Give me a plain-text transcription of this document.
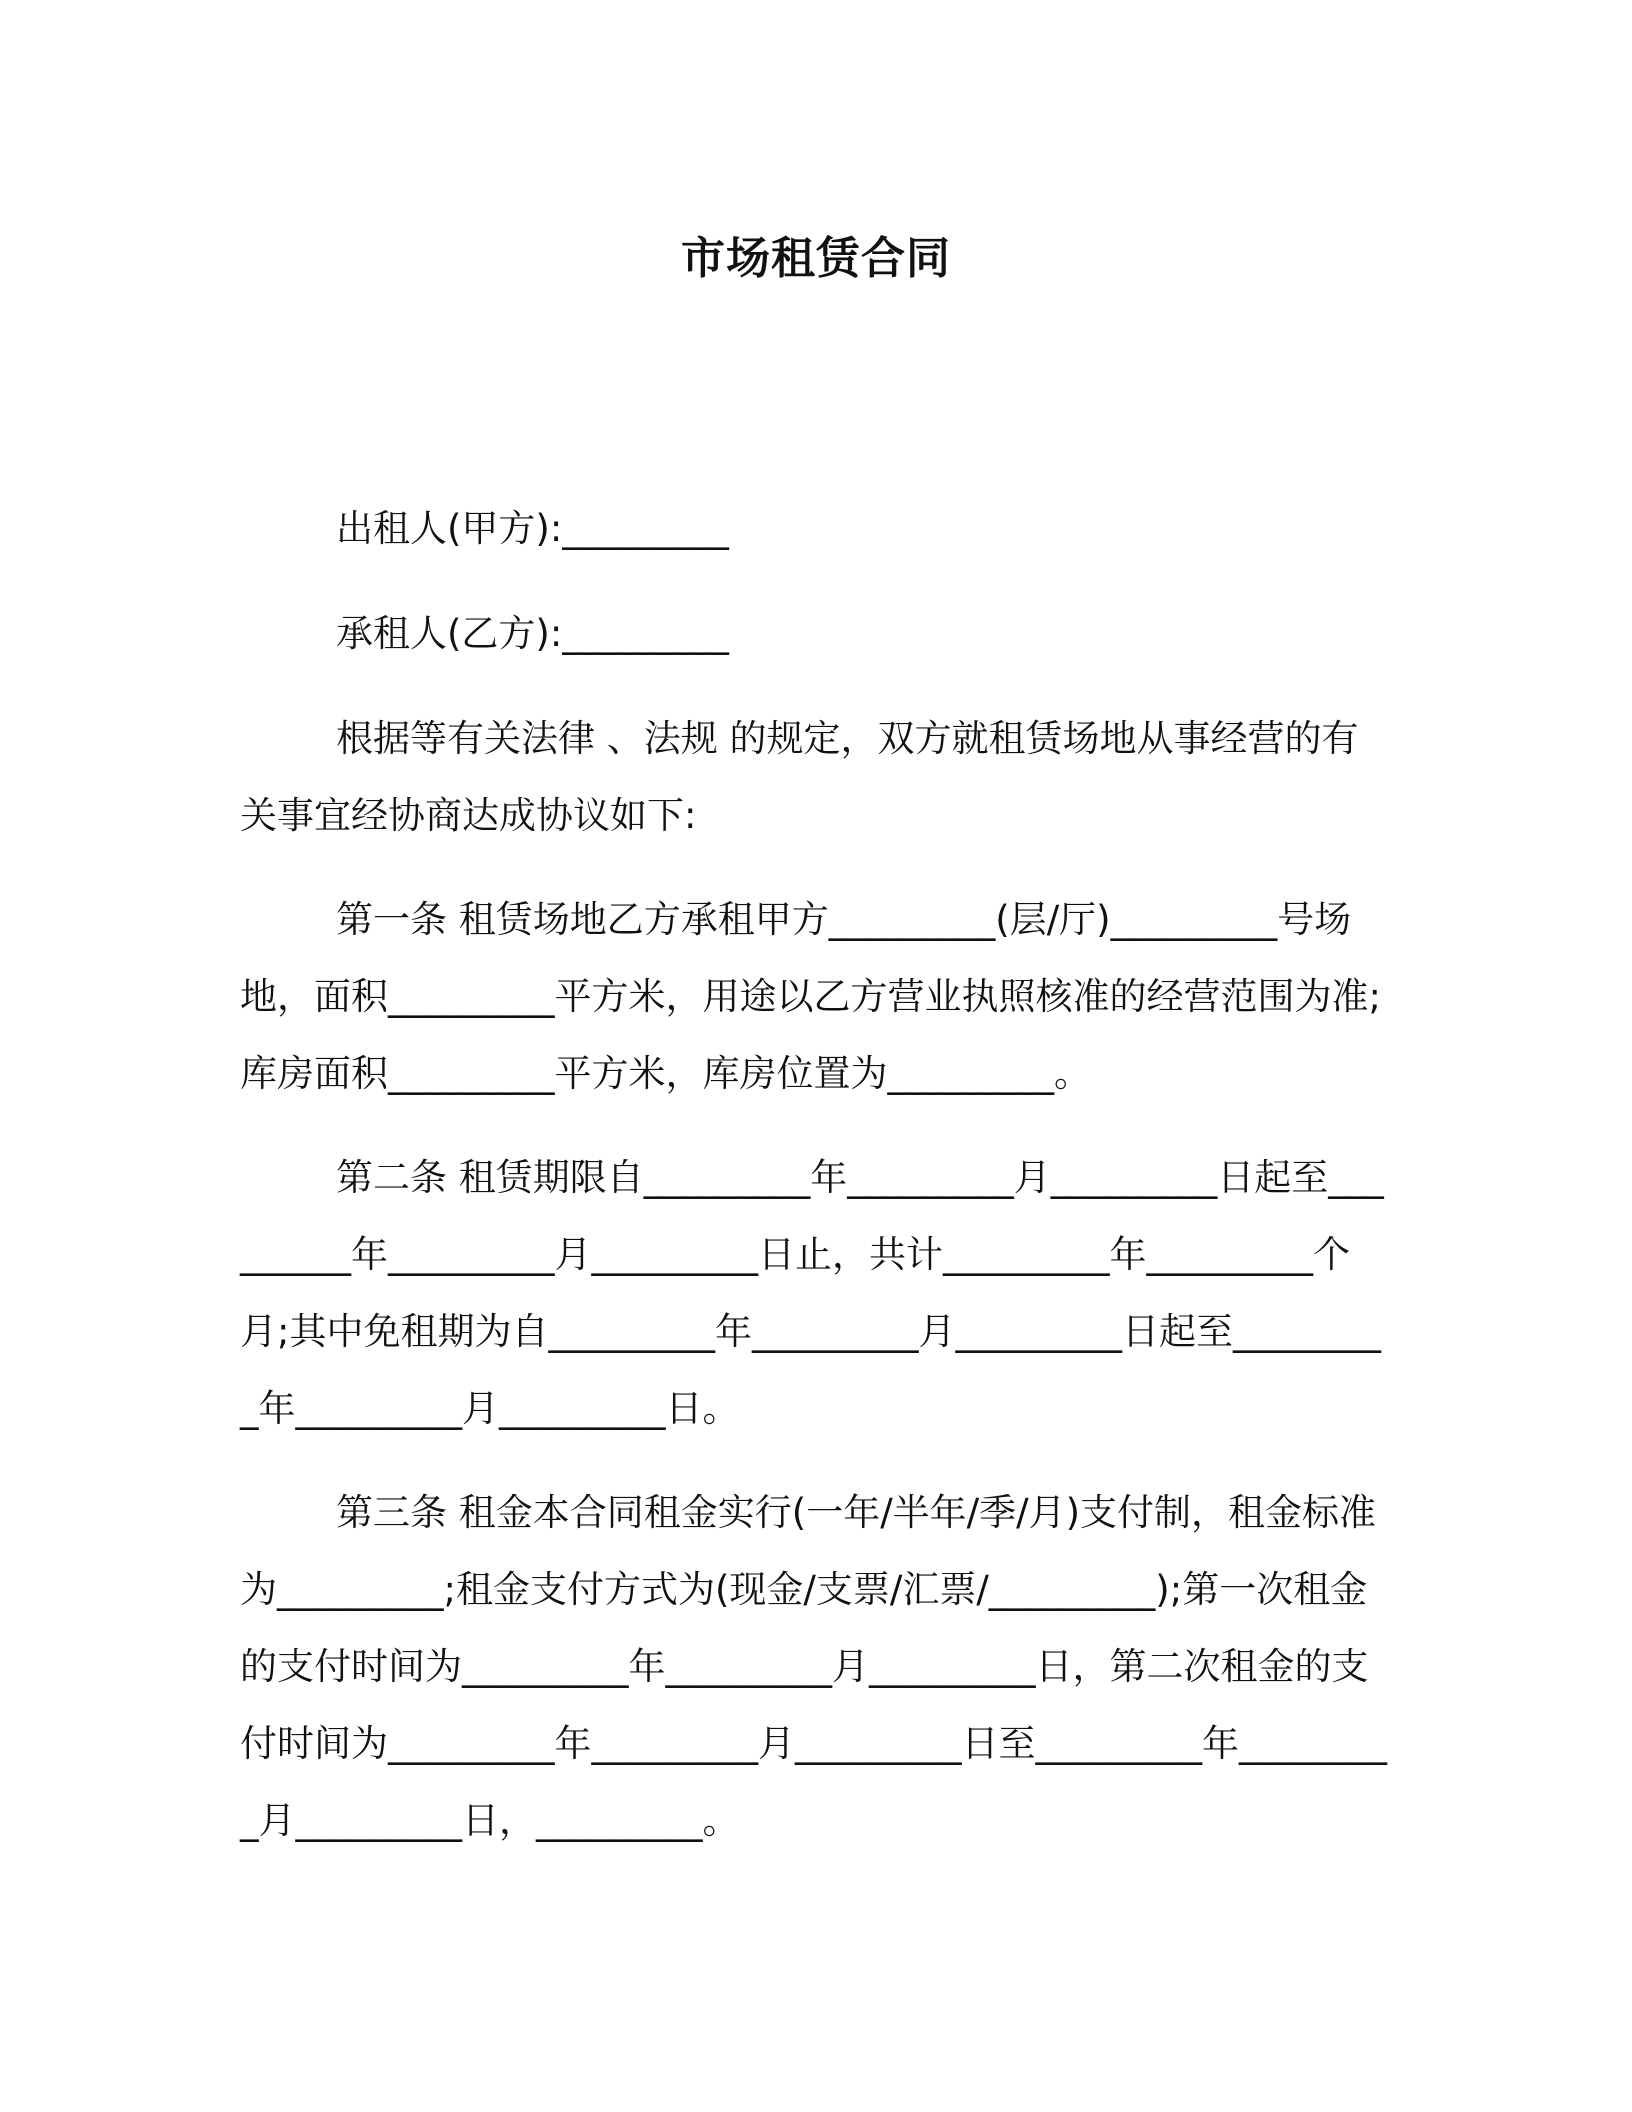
市场租赁合同

出租人(甲方):_________

承租人(乙方):_________

根据等有关法律 、法规 的规定，双方就租赁场地从事经营的有关事宜经协商达成协议如下:

第一条 租赁场地乙方承租甲方_________(层/厅)_________号场地，面积_________平方米，用途以乙方营业执照核准的经营范围为准;库房面积_________平方米，库房位置为_________。

第二条 租赁期限自_________年_________月_________日起至_________年_________月_________日止，共计_________年_________个月;其中免租期为自_________年_________月_________日起至_________年_________月_________日。

第三条 租金本合同租金实行(一年/半年/季/月)支付制，租金标准为_________;租金支付方式为(现金/支票/汇票/_________);第一次租金的支付时间为_________年_________月_________日，第二次租金的支付时间为_________年_________月_________日至_________年_________月_________日，_________。
